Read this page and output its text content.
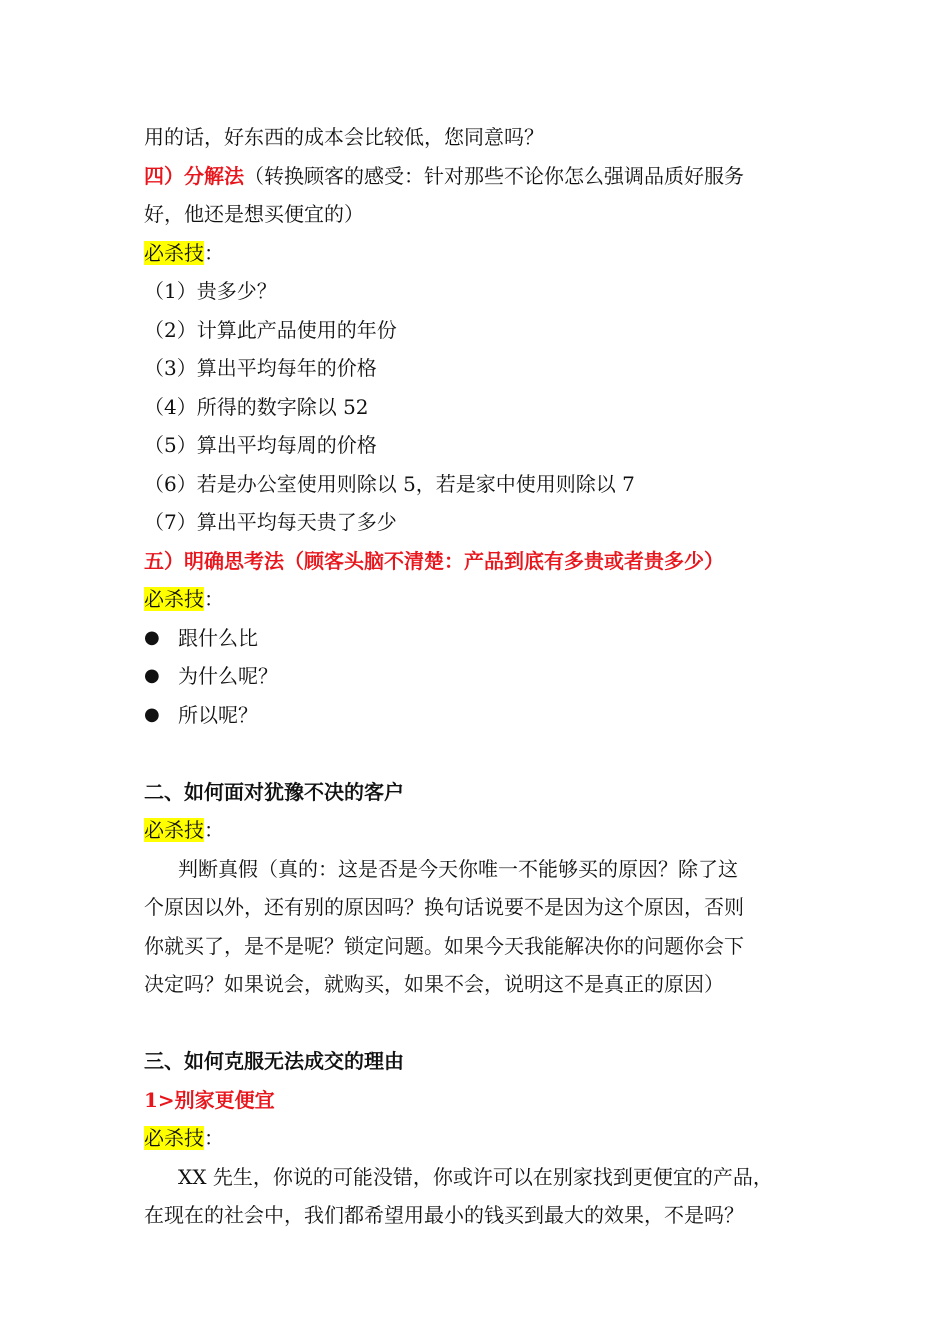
用的话，好东西的成本会比较低，您同意吗？
四）分解法（转换顾客的感受：针对那些不论你怎么强调品质好服务
好，他还是想买便宜的）
必杀技：
（1）贵多少？
（2）计算此产品使用的年份
（3）算出平均每年的价格
（4）所得的数字除以 52
（5）算出平均每周的价格
（6）若是办公室使用则除以 5，若是家中使用则除以 7
（7）算出平均每天贵了多少
五）明确思考法（顾客头脑不清楚：产品到底有多贵或者贵多少）
必杀技：
● 跟什么比
● 为什么呢？
● 所以呢？
二、如何面对犹豫不决的客户
必杀技：
判断真假（真的：这是否是今天你唯一不能够买的原因？除了这
个原因以外，还有别的原因吗？换句话说要不是因为这个原因，否则
你就买了，是不是呢？锁定问题。如果今天我能解决你的问题你会下
决定吗？如果说会，就购买，如果不会，说明这不是真正的原因）
三、如何克服无法成交的理由
1>别家更便宜
必杀技：
XX 先生，你说的可能没错，你或许可以在别家找到更便宜的产品，
在现在的社会中，我们都希望用最小的钱买到最大的效果，不是吗？
